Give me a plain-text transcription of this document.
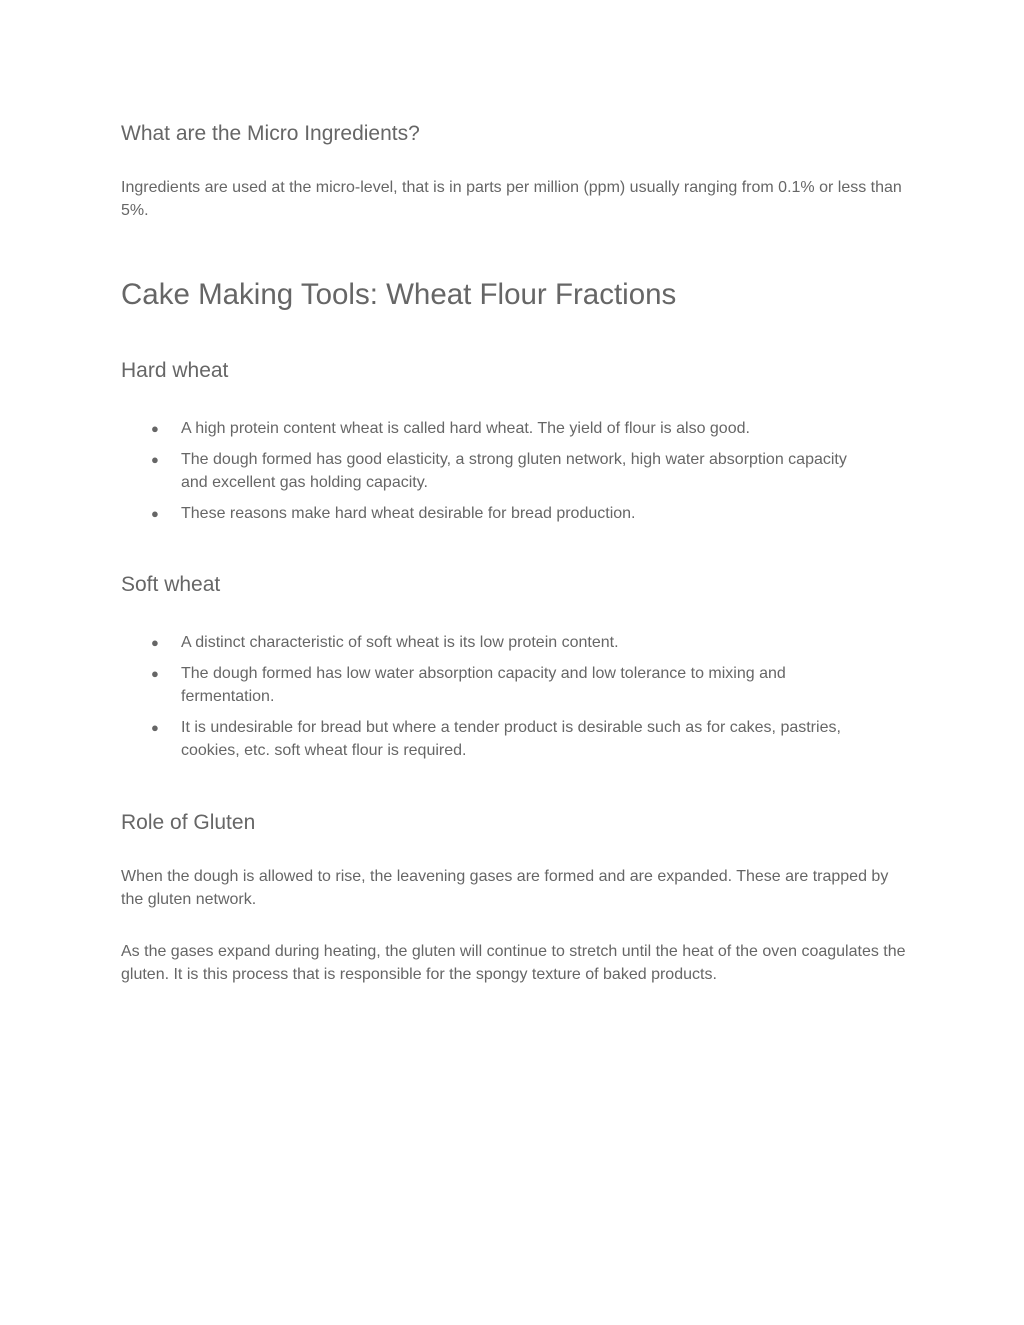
What are the Micro Ingredients?

Ingredients are used at the micro-level, that is in parts per million (ppm) usually ranging from 0.1% or less than 5%.

Cake Making Tools: Wheat Flour Fractions
Hard wheat
● A high protein content wheat is called hard wheat. The yield of flour is also good.
● The dough formed has good elasticity, a strong gluten network, high water absorption capacity and excellent gas holding capacity.
● These reasons make hard wheat desirable for bread production.
Soft wheat
● A distinct characteristic of soft wheat is its low protein content.
● The dough formed has low water absorption capacity and low tolerance to mixing and fermentation.
● It is undesirable for bread but where a tender product is desirable such as for cakes, pastries, cookies, etc. soft wheat flour is required.
Role of Gluten

When the dough is allowed to rise, the leavening gases are formed and are expanded. These are trapped by the gluten network.

As the gases expand during heating, the gluten will continue to stretch until the heat of the oven coagulates the gluten. It is this process that is responsible for the spongy texture of baked products.
